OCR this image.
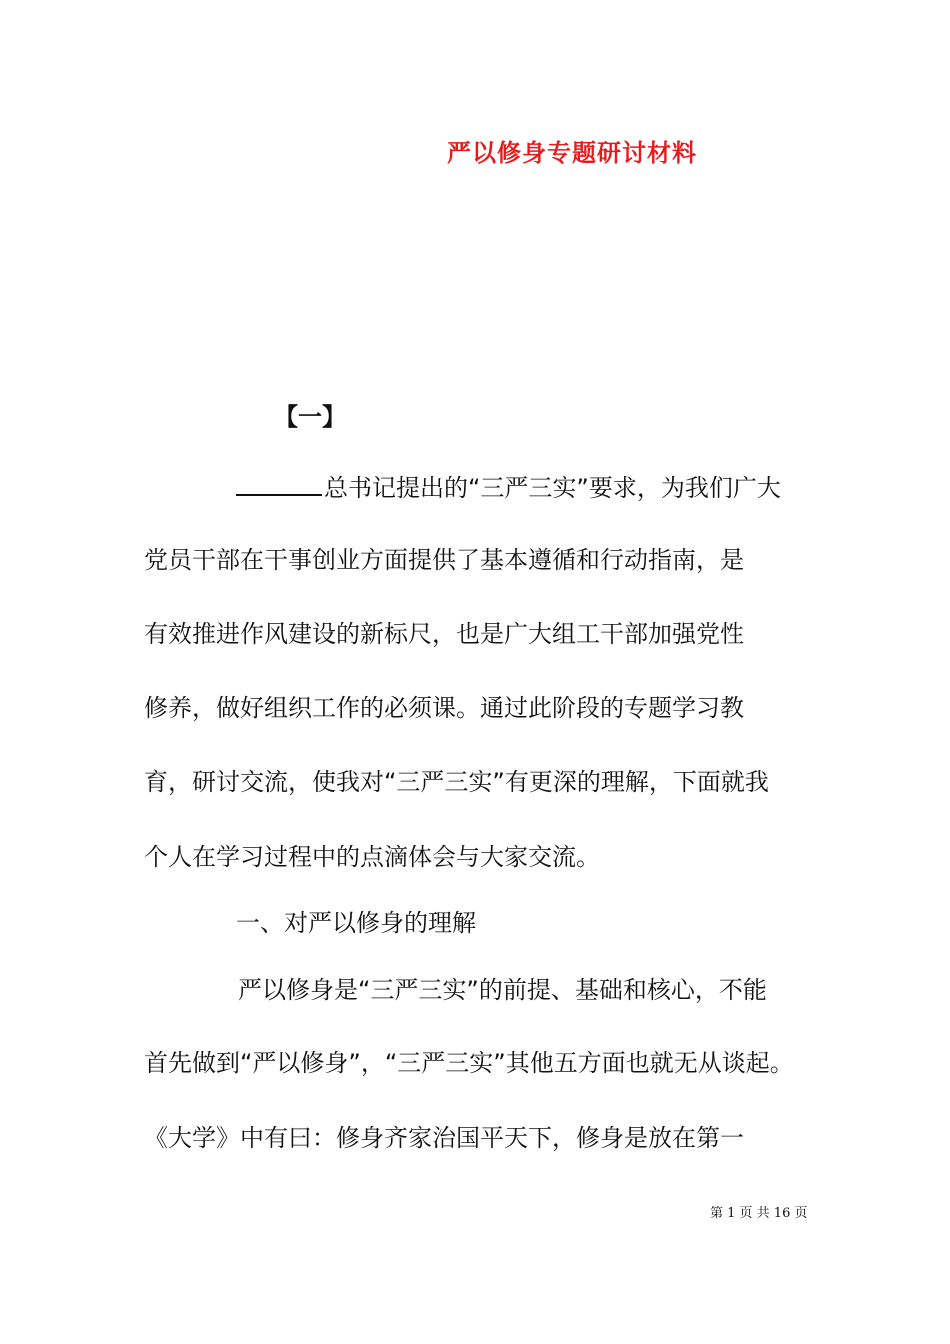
严以修身专题研讨材料
【一】
总书记提出的“三严三实”要求，为我们广大
党员干部在干事创业方面提供了基本遵循和行动指南，是
有效推进作风建设的新标尺，也是广大组工干部加强党性
修养，做好组织工作的必须课。通过此阶段的专题学习教
育，研讨交流，使我对“三严三实”有更深的理解，下面就我
个人在学习过程中的点滴体会与大家交流。
一、对严以修身的理解
严以修身是“三严三实”的前提、基础和核心，不能
首先做到“严以修身”，“三严三实”其他五方面也就无从谈起。
《大学》中有曰：修身齐家治国平天下，修身是放在第一
第 1 页 共 16 页
